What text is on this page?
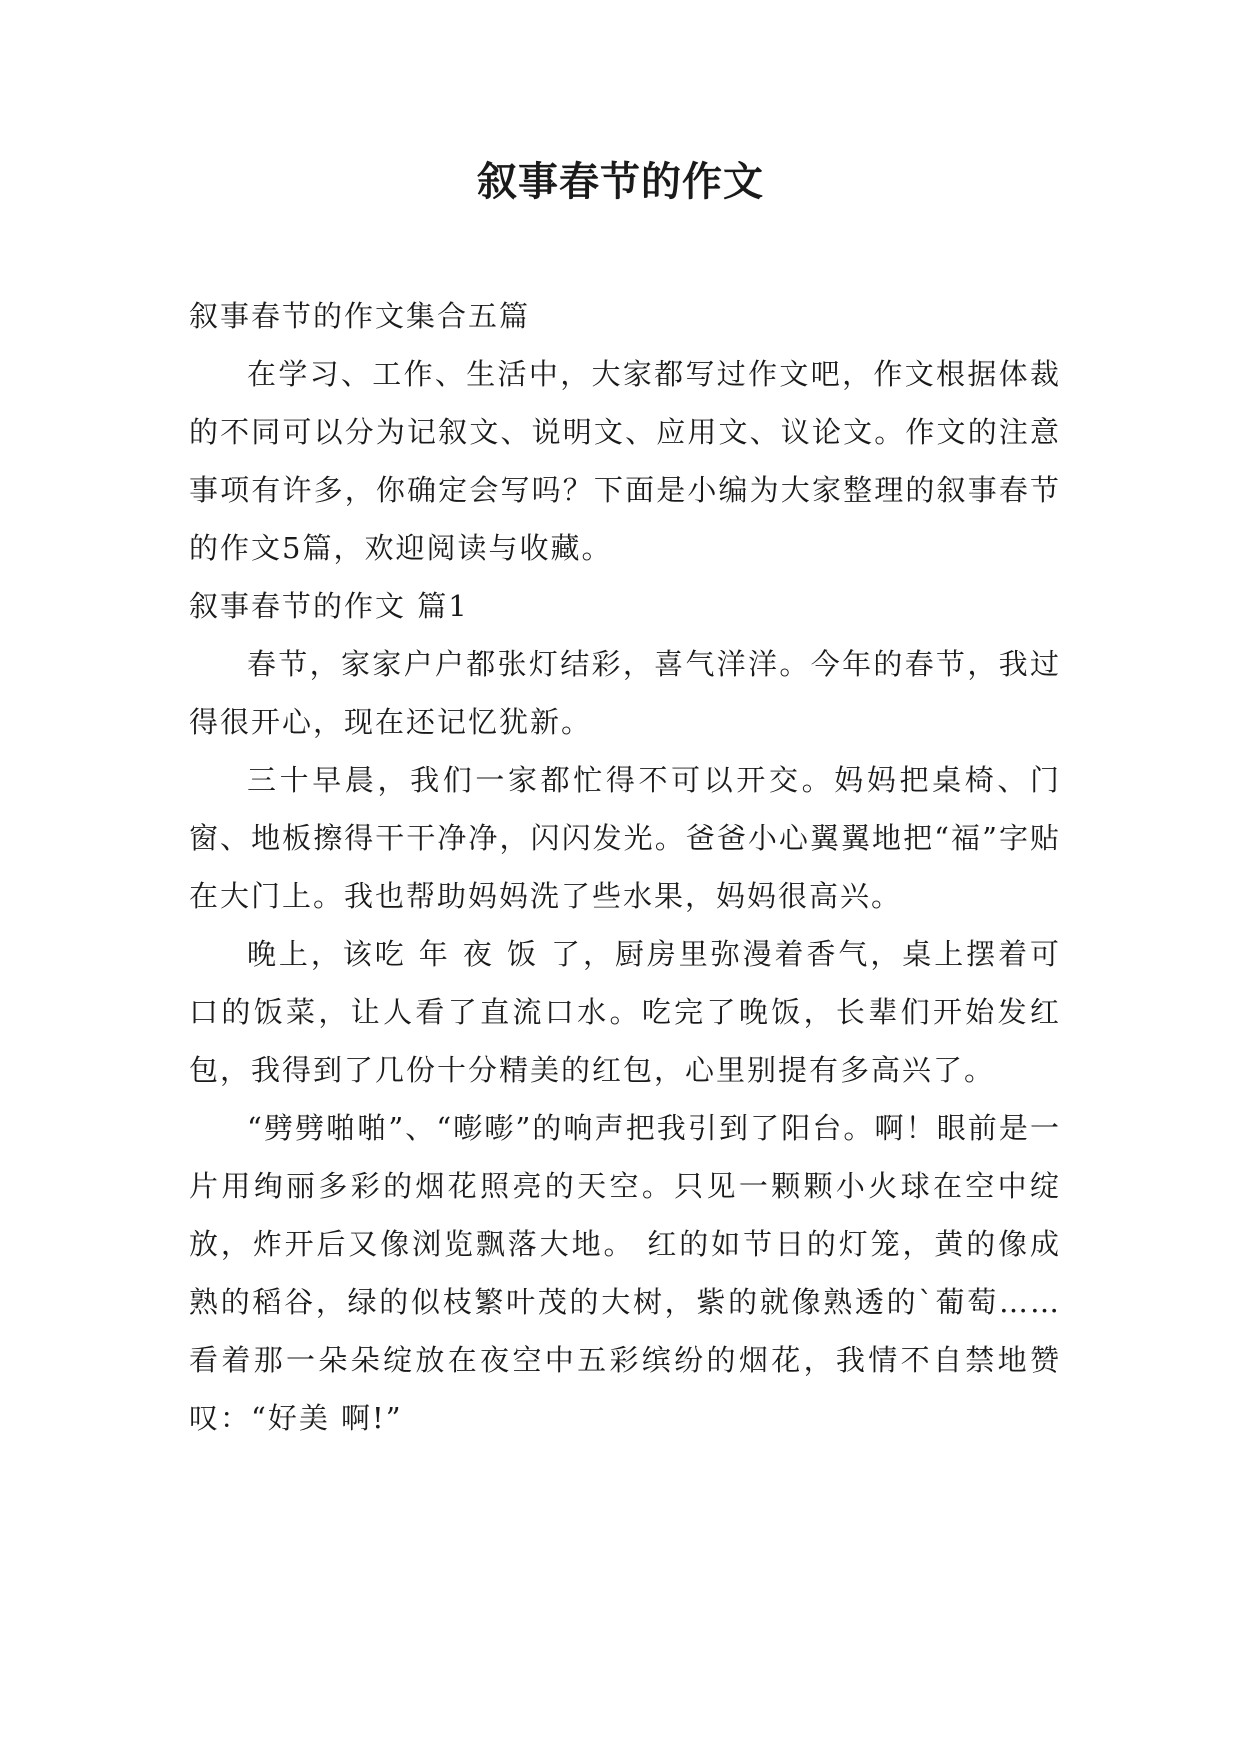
叙事春节的作文

叙事春节的作文集合五篇

在学习、工作、生活中，大家都写过作文吧，作文根据体裁的不同可以分为记叙文、说明文、应用文、议论文。作文的注意事项有许多，你确定会写吗？下面是小编为大家整理的叙事春节的作文5篇，欢迎阅读与收藏。

叙事春节的作文 篇1

春节，家家户户都张灯结彩，喜气洋洋。今年的春节，我过得很开心，现在还记忆犹新。

三十早晨，我们一家都忙得不可以开交。妈妈把桌椅、门窗、地板擦得干干净净，闪闪发光。爸爸小心翼翼地把“福”字贴在大门上。我也帮助妈妈洗了些水果，妈妈很高兴。

晚上，该吃 年 夜 饭 了，厨房里弥漫着香气，桌上摆着可口的饭菜，让人看了直流口水。吃完了晚饭，长辈们开始发红包，我得到了几份十分精美的红包，心里别提有多高兴了。

“劈劈啪啪”、“嘭嘭”的响声把我引到了阳台。啊！眼前是一片用绚丽多彩的烟花照亮的天空。只见一颗颗小火球在空中绽放，炸开后又像浏览飘落大地。 红的如节日的灯笼，黄的像成熟的稻谷，绿的似枝繁叶茂的大树，紫的就像熟透的`葡萄……看着那一朵朵绽放在夜空中五彩缤纷的烟花，我情不自禁地赞叹：“好美 啊!”
